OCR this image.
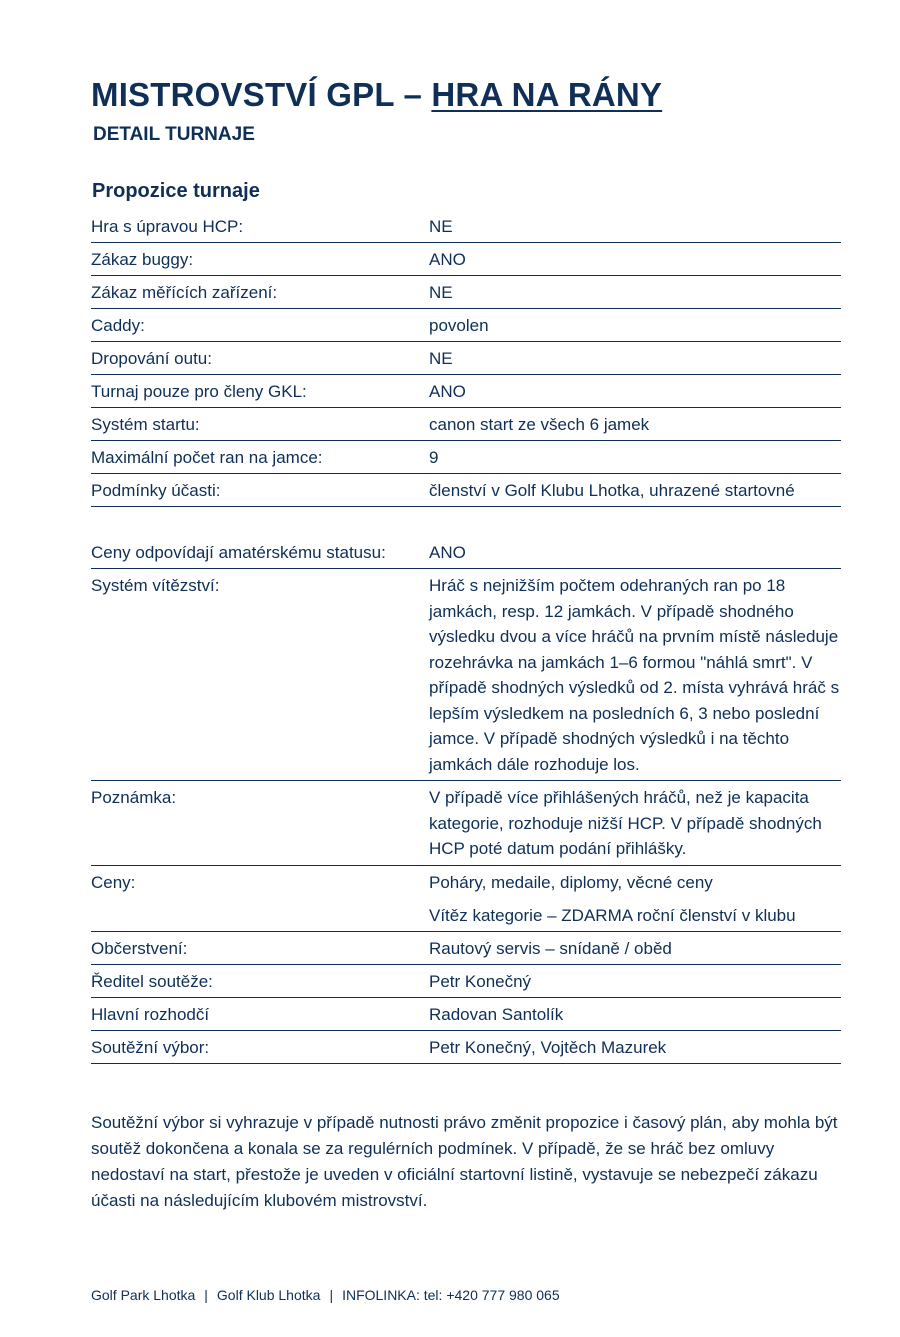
MISTROVSTVÍ GPL – HRA NA RÁNY
DETAIL TURNAJE
Propozice turnaje
Hra s úpravou HCP:	NE
Zákaz buggy:	ANO
Zákaz měřících zařízení:	NE
Caddy:	povolen
Dropování outu:	NE
Turnaj pouze pro členy GKL:	ANO
Systém startu:	canon start ze všech 6 jamek
Maximální počet ran na jamce:	9
Podmínky účasti:	členství v Golf Klubu Lhotka, uhrazené startovné
Ceny odpovídají amatérskému statusu:	ANO
Systém vítězství:	Hráč s nejnižším počtem odehraných ran po 18 jamkách, resp. 12 jamkách. V případě shodného výsledku dvou a více hráčů na prvním místě následuje rozehrávka na jamkách 1–6 formou "náhlá smrt". V případě shodných výsledků od 2. místa vyhrává hráč s lepším výsledkem na posledních 6, 3 nebo poslední jamce. V případě shodných výsledků i na těchto jamkách dále rozhoduje los.
Poznámka:	V případě více přihlášených hráčů, než je kapacita kategorie, rozhoduje nižší HCP. V případě shodných HCP poté datum podání přihlášky.
Ceny:	Poháry, medaile, diplomy, věcné ceny
Vítěz kategorie – ZDARMA roční členství v klubu
Občerstvení:	Rautový servis – snídaně / oběd
Ředitel soutěže:	Petr Konečný
Hlavní rozhodčí	Radovan Santolík
Soutěžní výbor:	Petr Konečný, Vojtěch Mazurek

Soutěžní výbor si vyhrazuje v případě nutnosti právo změnit propozice i časový plán, aby mohla být soutěž dokončena a konala se za regulérních podmínek. V případě, že se hráč bez omluvy nedostaví na start, přestože je uveden v oficiální startovní listině, vystavuje se nebezpečí zákazu účasti na následujícím klubovém mistrovství.

Golf Park Lhotka | Golf Klub Lhotka | INFOLINKA: tel: +420 777 980 065
